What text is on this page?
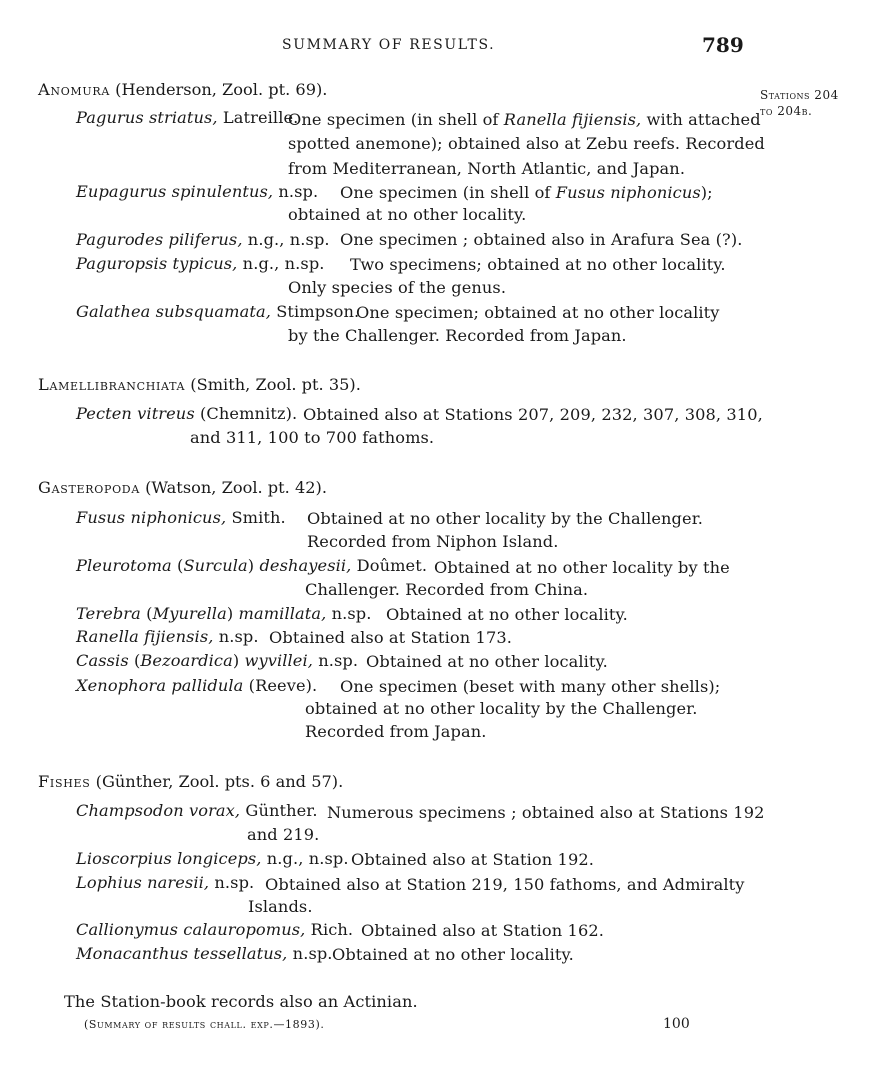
SUMMARY OF RESULTS.	789
Stations 204
to 204b.
Anomura (Henderson, Zool. pt. 69).
Pagurus striatus, Latreille.
One specimen (in shell of Ranella fijiensis, with attached
spotted anemone); obtained also at Zebu reefs. Recorded
from Mediterranean, North Atlantic, and Japan.
Eupagurus spinulentus, n.sp. One specimen (in shell of Fusus niphonicus);
obtained at no other locality.
Pagurodes piliferus, n.g., n.sp. One specimen ; obtained also in Arafura Sea (?).
Paguropsis typicus, n.g., n.sp. Two specimens; obtained at no other locality.
Only species of the genus.
Galathea subsquamata, Stimpson.
One specimen; obtained at no other locality
by the Challenger. Recorded from Japan.
Lamellibranchiata (Smith, Zool. pt. 35).
Pecten vitreus (Chemnitz). Obtained also at Stations 207, 209, 232, 307, 308, 310,
and 311, 100 to 700 fathoms.
Gasteropoda (Watson, Zool. pt. 42).
Fusus niphonicus, Smith. Obtained at no other locality by the Challenger.
Recorded from Niphon Island.
Pleurotoma (Surcula) deshayesii, Doûmet. Obtained at no other locality by the
Challenger. Recorded from China.
Terebra (Myurella) mamillata, n.sp. Obtained at no other locality.
Ranella fijiensis, n.sp. Obtained also at Station 173.
Cassis (Bezoardica) wyvillei, n.sp. Obtained at no other locality.
Xenophora pallidula (Reeve). One specimen (beset with many other shells);
obtained at no other locality by the Challenger.
Recorded from Japan.
Fishes (Günther, Zool. pts. 6 and 57).
Champsodon vorax, Günther. Numerous specimens ; obtained also at Stations 192
and 219.
Lioscorpius longiceps, n.g., n.sp. Obtained also at Station 192.
Lophius naresii, n.sp. Obtained also at Station 219, 150 fathoms, and Admiralty
Islands.
Callionymus calauropomus, Rich. Obtained also at Station 162.
Monacanthus tessellatus, n.sp. Obtained at no other locality.
The Station-book records also an Actinian.
(Summary of results chall. exp.—1893).	100
